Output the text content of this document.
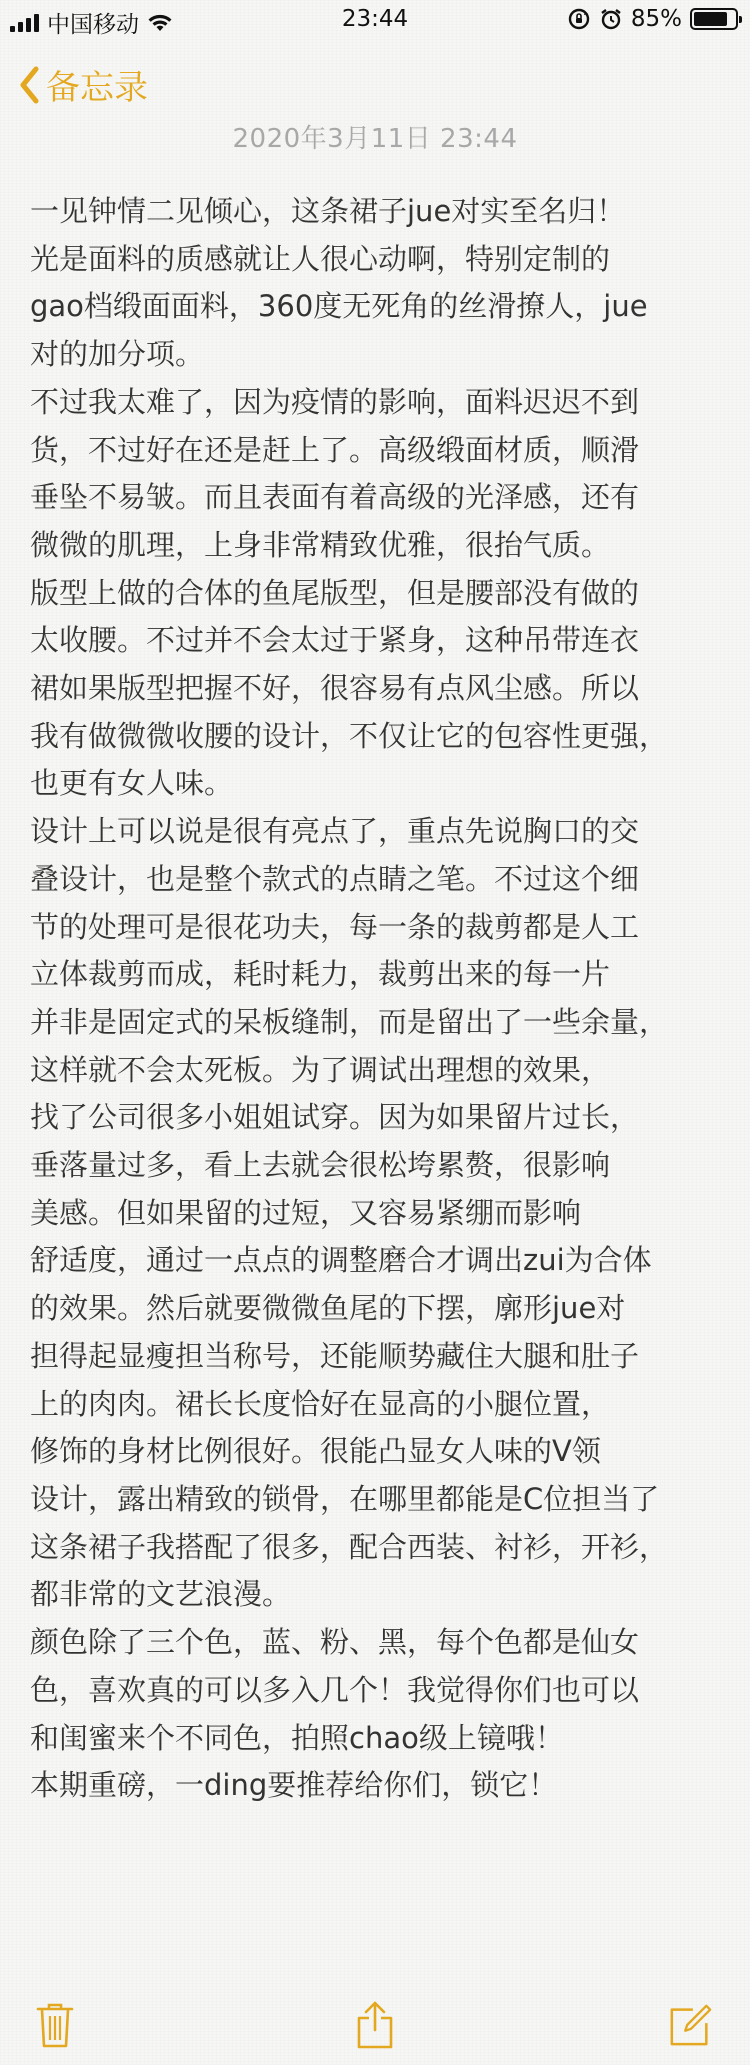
中国移动	23:44	85%
备忘录
2020年3月11日 23:44
一见钟情二见倾心，这条裙子jue对实至名归！
光是面料的质感就让人很心动啊，特别定制的
gao档缎面面料，360度无死角的丝滑撩人，jue
对的加分项。
不过我太难了，因为疫情的影响，面料迟迟不到
货，不过好在还是赶上了。高级缎面材质，顺滑
垂坠不易皱。而且表面有着高级的光泽感，还有
微微的肌理，上身非常精致优雅，很抬气质。
版型上做的合体的鱼尾版型，但是腰部没有做的
太收腰。不过并不会太过于紧身，这种吊带连衣
裙如果版型把握不好，很容易有点风尘感。所以
我有做微微收腰的设计，不仅让它的包容性更强，
也更有女人味。
设计上可以说是很有亮点了，重点先说胸口的交
叠设计，也是整个款式的点睛之笔。不过这个细
节的处理可是很花功夫，每一条的裁剪都是人工
立体裁剪而成，耗时耗力，裁剪出来的每一片
并非是固定式的呆板缝制，而是留出了一些余量，
这样就不会太死板。为了调试出理想的效果，
找了公司很多小姐姐试穿。因为如果留片过长，
垂落量过多，看上去就会很松垮累赘，很影响
美感。但如果留的过短，又容易紧绷而影响
舒适度，通过一点点的调整磨合才调出zui为合体
的效果。然后就要微微鱼尾的下摆，廓形jue对
担得起显瘦担当称号，还能顺势藏住大腿和肚子
上的肉肉。裙长长度恰好在显高的小腿位置，
修饰的身材比例很好。很能凸显女人味的V领
设计，露出精致的锁骨，在哪里都能是C位担当了
这条裙子我搭配了很多，配合西装、衬衫，开衫，
都非常的文艺浪漫。
颜色除了三个色，蓝、粉、黑，每个色都是仙女
色，喜欢真的可以多入几个！我觉得你们也可以
和闺蜜来个不同色，拍照chao级上镜哦！
本期重磅，一ding要推荐给你们，锁它！
